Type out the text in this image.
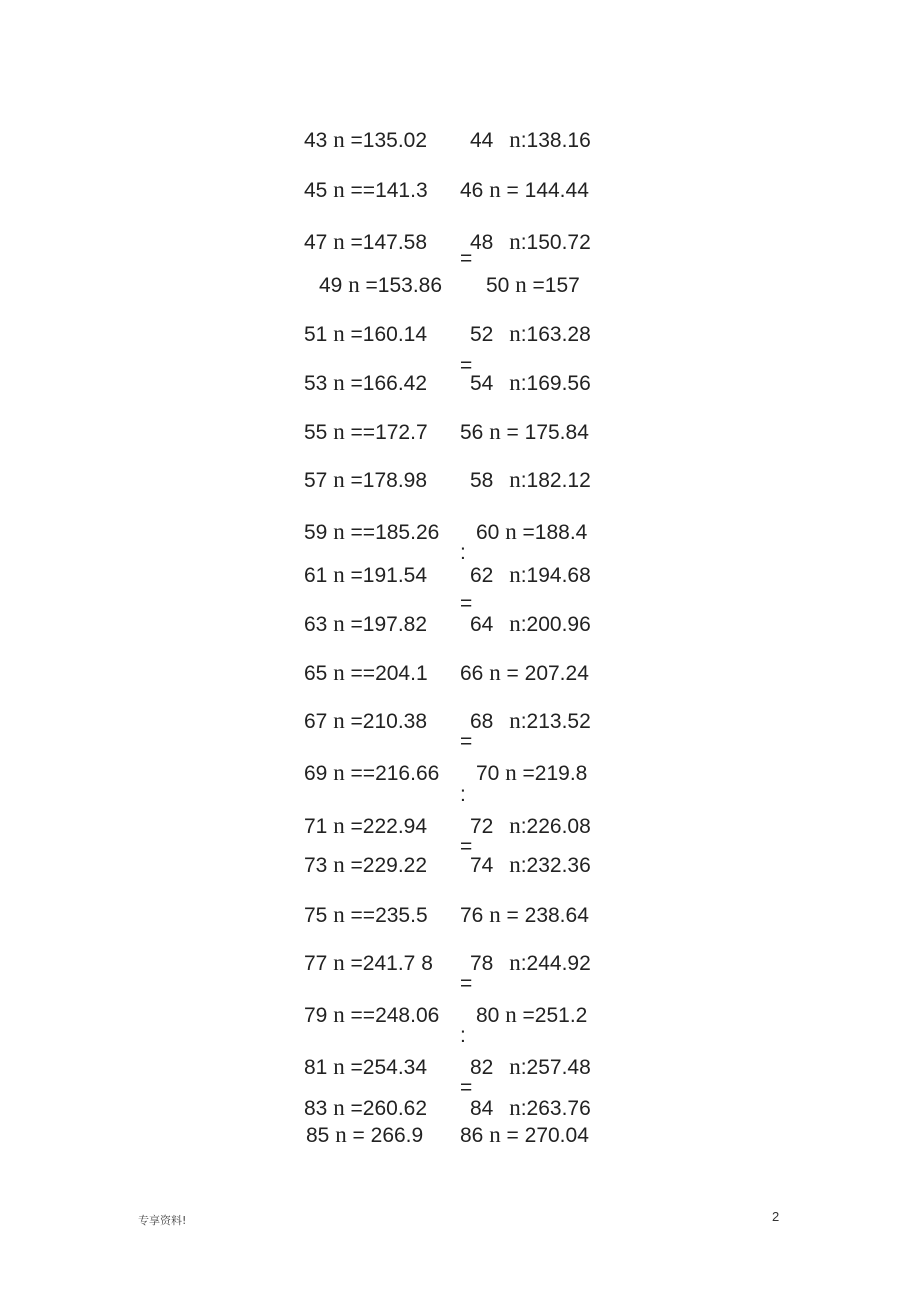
43 n =135.02 44 n:138.16
45 n ==141.3 46 n = 144.44
47 n =147.58 48 n:150.72
49 n =153.86 50 n =157
51 n =160.14 52 n:163.28
53 n =166.42 54 n:169.56
55 n ==172.7 56 n = 175.84
57 n =178.98 58 n:182.12
59 n ==185.26 60 n =188.4
61 n =191.54 62 n:194.68
63 n =197.82 64 n:200.96
65 n ==204.1 66 n = 207.24
67 n =210.38 68 n:213.52
69 n ==216.66 70 n =219.8
71 n =222.94 72 n:226.08
73 n =229.22 74 n:232.36
75 n ==235.5 76 n = 238.64
77 n =241.7 8 78 n:244.92
79 n ==248.06 80 n =251.2
81 n =254.34 82 n:257.48
83 n =260.62 84 n:263.76
85 n = 266.9 86 n = 270.04
=
=
:
=
=
:
=
=
:
=
专享资料!	2
